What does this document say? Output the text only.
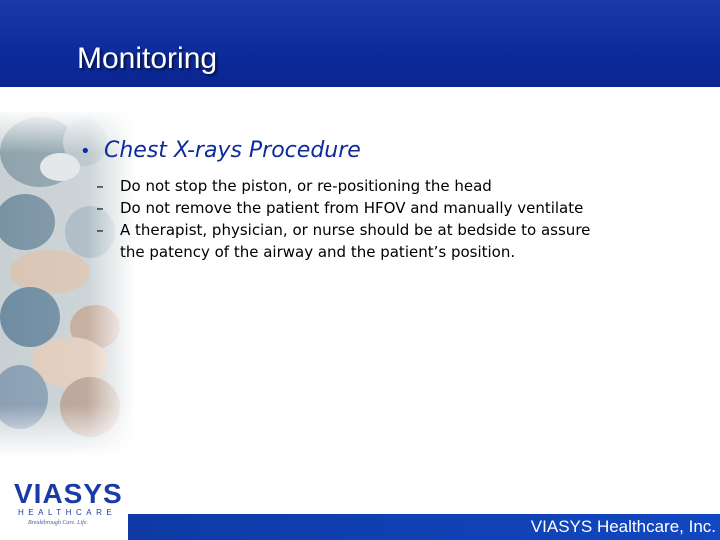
Monitoring
• Chest X-rays Procedure
–	Do not stop the piston, or re-positioning the head
–	Do not remove the patient from HFOV and manually ventilate
–	A therapist, physician, or nurse should be at bedside to assure the patency of the airway and the patient’s position.
VIASYS
HEALTHCARE
Breakthrough Care. Life.	VIASYS Healthcare, Inc.
